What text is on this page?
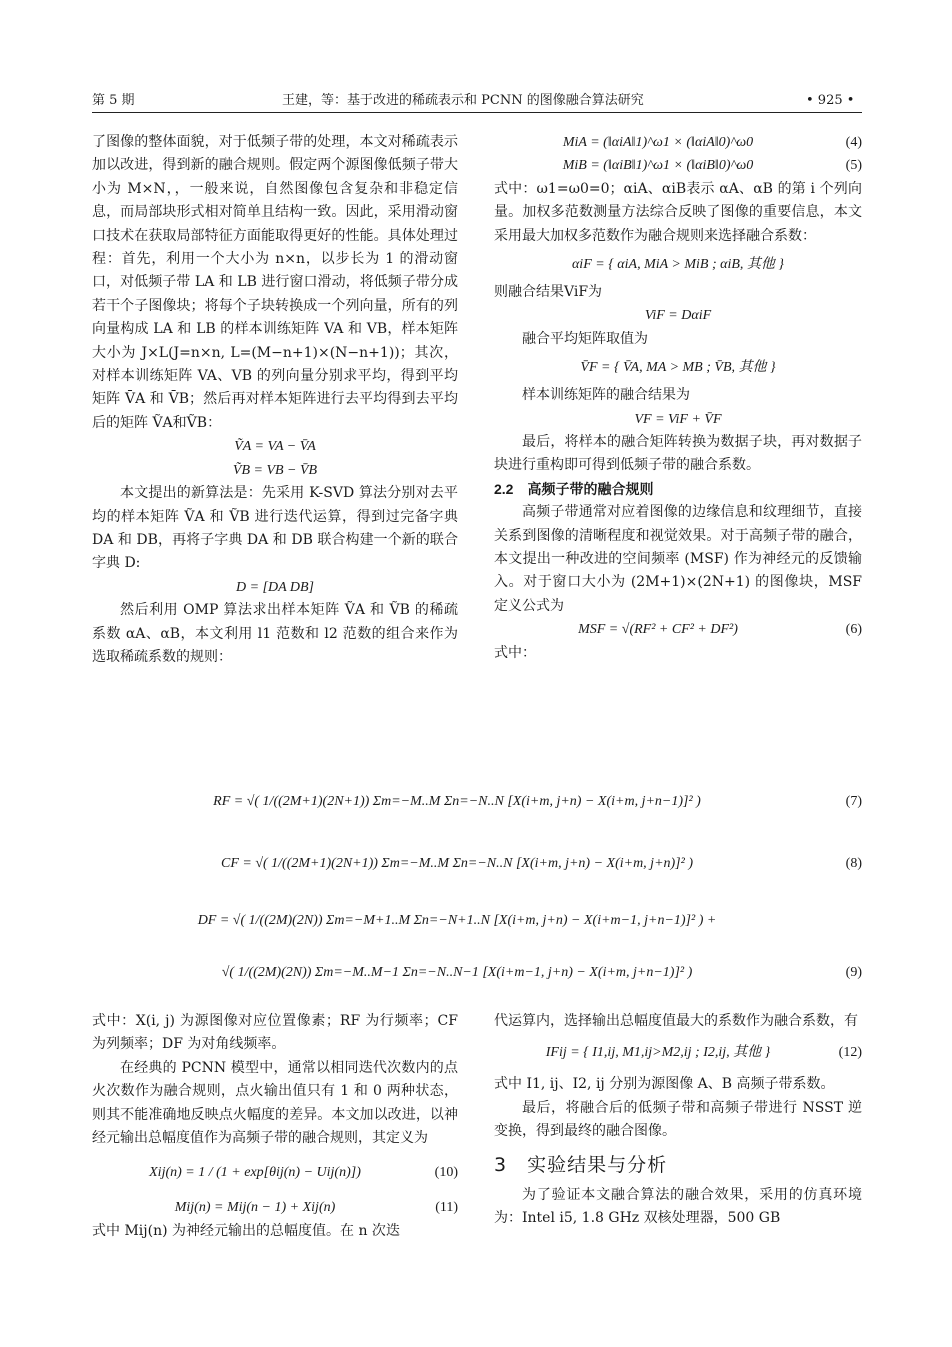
第 5 期	王建，等：基于改进的稀疏表示和 PCNN 的图像融合算法研究	• 925 •

了图像的整体面貌，对于低频子带的处理，本文对稀疏表示加以改进，得到新的融合规则。假定两个源图像低频子带大小为 M×N，，一般来说，自然图像包含复杂和非稳定信息，而局部块形式相对简单且结构一致。因此，采用滑动窗口技术在获取局部特征方面能取得更好的性能。具体处理过程：首先，利用一个大小为 n×n，以步长为 1 的滑动窗口，对低频子带 LA 和 LB 进行窗口滑动，将低频子带分成若干个子图像块；将每个子块转换成一个列向量，所有的列向量构成 LA 和 LB 的样本训练矩阵 VA 和 VB，样本矩阵大小为 J×L(J=n×n, L=(M−n+1)×(N−n+1))；其次，对样本训练矩阵 VA、VB 的列向量分别求平均，得到平均矩阵 V̄A 和 V̄B；然后再对样本矩阵进行去平均得到去平均后的矩阵 ṼA和ṼB：

ṼA = VA − V̄A
ṼB = VB − V̄B

本文提出的新算法是：先采用 K-SVD 算法分别对去平均的样本矩阵 ṼA 和 ṼB 进行迭代运算，得到过完备字典 DA 和 DB，再将子字典 DA 和 DB 联合构建一个新的联合字典 D:

D = [DA DB]

然后利用 OMP 算法求出样本矩阵 ṼA 和 ṼB 的稀疏系数 αA、αB，本文利用 l1 范数和 l2 范数的组合来作为选取稀疏系数的规则：

MiA = (‖αiA‖1)^ω1 × (‖αiA‖0)^ω0	(4)
MiB = (‖αiB‖1)^ω1 × (‖αiB‖0)^ω0	(5)

式中：ω1=ω0=0；αiA、αiB表示 αA、αB 的第 i 个列向量。加权多范数测量方法综合反映了图像的重要信息，本文采用最大加权多范数作为融合规则来选择融合系数：

αiF = { αiA, MiA > MiB ; αiB, 其他 }

则融合结果ViF为

ViF = DαiF

融合平均矩阵取值为

V̄F = { V̄A, MA > MB ; V̄B, 其他 }

样本训练矩阵的融合结果为

VF = ViF + V̄F

最后，将样本的融合矩阵转换为数据子块，再对数据子块进行重构即可得到低频子带的融合系数。

2.2　高频子带的融合规则

高频子带通常对应着图像的边缘信息和纹理细节，直接关系到图像的清晰程度和视觉效果。对于高频子带的融合，本文提出一种改进的空间频率 (MSF) 作为神经元的反馈输入。对于窗口大小为 (2M+1)×(2N+1) 的图像块，MSF 定义公式为

MSF = √(RF² + CF² + DF²)	(6)

式中：

RF = √( 1/((2M+1)(2N+1)) Σm=−M..M Σn=−N..N [X(i+m, j+n) − X(i+m, j+n−1)]² )	(7)
CF = √( 1/((2M+1)(2N+1)) Σm=−M..M Σn=−N..N [X(i+m, j+n) − X(i+m, j+n)]² )	(8)
DF = √( 1/((2M)(2N)) Σm=−M+1..M Σn=−N+1..N [X(i+m, j+n) − X(i+m−1, j+n−1)]² ) +
√( 1/((2M)(2N)) Σm=−M..M−1 Σn=−N..N−1 [X(i+m−1, j+n) − X(i+m, j+n−1)]² )	(9)

式中：X(i, j) 为源图像对应位置像素；RF 为行频率；CF 为列频率；DF 为对角线频率。

在经典的 PCNN 模型中，通常以相同迭代次数内的点火次数作为融合规则，点火输出值只有 1 和 0 两种状态，则其不能准确地反映点火幅度的差异。本文加以改进，以神经元输出总幅度值作为高频子带的融合规则，其定义为

Xij(n) = 1 / (1 + exp[θij(n) − Uij(n)])	(10)
Mij(n) = Mij(n − 1) + Xij(n)	(11)

式中 Mij(n) 为神经元输出的总幅度值。在 n 次迭

代运算内，选择输出总幅度值最大的系数作为融合系数，有

IFij = { I1,ij, M1,ij>M2,ij ; I2,ij, 其他 }	(12)

式中 I1, ij、I2, ij 分别为源图像 A、B 高频子带系数。

最后，将融合后的低频子带和高频子带进行 NSST 逆变换，得到最终的融合图像。

3　实验结果与分析

为了验证本文融合算法的融合效果，采用的仿真环境为：Intel i5, 1.8 GHz 双核处理器，500 GB
